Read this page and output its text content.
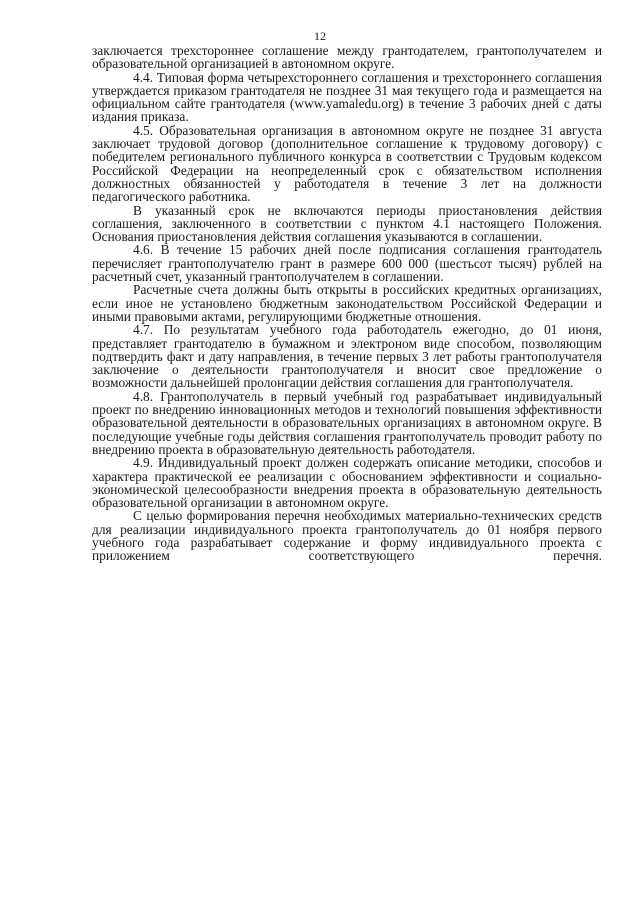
12

заключается трехстороннее соглашение между грантодателем, грантополучателем и образовательной организацией в автономном округе.

4.4. Типовая форма четырехстороннего соглашения и трехстороннего соглашения утверждается приказом грантодателя не позднее 31 мая текущего года и размещается на официальном сайте грантодателя (www.yamaledu.org) в течение 3 рабочих дней с даты издания приказа.

4.5. Образовательная организация в автономном округе не позднее 31 августа заключает трудовой договор (дополнительное соглашение к трудовому договору) с победителем регионального публичного конкурса в соответствии с Трудовым кодексом Российской Федерации на неопределенный срок с обязательством исполнения должностных обязанностей у работодателя в течение 3 лет на должности педагогического работника.

В указанный срок не включаются периоды приостановления действия соглашения, заключенного в соответствии с пунктом 4.1 настоящего Положения. Основания приостановления действия соглашения указываются в соглашении.

4.6. В течение 15 рабочих дней после подписания соглашения грантодатель перечисляет грантополучателю грант в размере 600 000 (шестьсот тысяч) рублей на расчетный счет, указанный грантополучателем в соглашении.

Расчетные счета должны быть открыты в российских кредитных организациях, если иное не установлено бюджетным законодательством Российской Федерации и иными правовыми актами, регулирующими бюджетные отношения.

4.7. По результатам учебного года работодатель ежегодно, до 01 июня, представляет грантодателю в бумажном и электроном виде способом, позволяющим подтвердить факт и дату направления, в течение первых 3 лет работы грантополучателя заключение о деятельности грантополучателя и вносит свое предложение о возможности дальнейшей пролонгации действия соглашения для грантополучателя.

4.8. Грантополучатель в первый учебный год разрабатывает индивидуальный проект по внедрению инновационных методов и технологий повышения эффективности образовательной деятельности в образовательных организациях в автономном округе. В последующие учебные годы действия соглашения грантополучатель проводит работу по внедрению проекта в образовательную деятельность работодателя.

4.9. Индивидуальный проект должен содержать описание методики, способов и характера практической ее реализации с обоснованием эффективности и социально-экономической целесообразности внедрения проекта в образовательную деятельность образовательной организации в автономном округе.

С целью формирования перечня необходимых материально-технических средств для реализации индивидуального проекта грантополучатель до 01 ноября первого учебного года разрабатывает содержание и форму индивидуального проекта с приложением соответствующего перечня.
